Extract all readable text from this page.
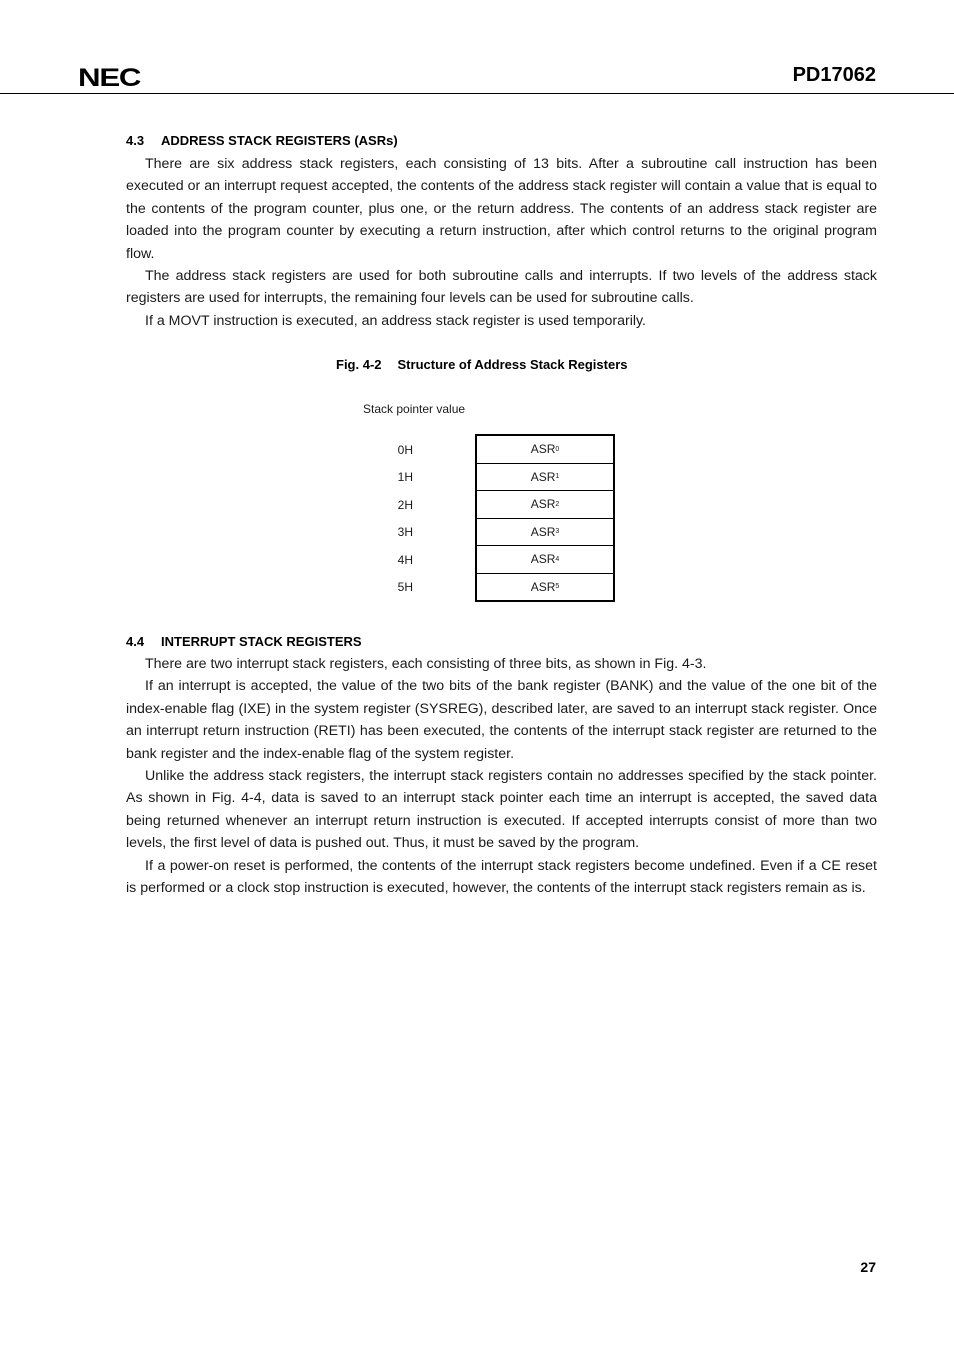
NEC	PD17062
4.3 ADDRESS STACK REGISTERS (ASRs)

There are six address stack registers, each consisting of 13 bits. After a subroutine call instruction has been executed or an interrupt request accepted, the contents of the address stack register will contain a value that is equal to the contents of the program counter, plus one, or the return address. The contents of an address stack register are loaded into the program counter by executing a return instruction, after which control returns to the original program flow.

The address stack registers are used for both subroutine calls and interrupts. If two levels of the address stack registers are used for interrupts, the remaining four levels can be used for subroutine calls.

If a MOVT instruction is executed, an address stack register is used temporarily.

Fig. 4-2 Structure of Address Stack Registers
Stack pointer value
0H
1H
2H
3H
4H
5H
ASR 0
ASR 1
ASR 2
ASR 3
ASR 4
ASR 5
4.4 INTERRUPT STACK REGISTERS

There are two interrupt stack registers, each consisting of three bits, as shown in Fig. 4-3.

If an interrupt is accepted, the value of the two bits of the bank register (BANK) and the value of the one bit of the index-enable flag (IXE) in the system register (SYSREG), described later, are saved to an interrupt stack register. Once an interrupt return instruction (RETI) has been executed, the contents of the interrupt stack register are returned to the bank register and the index-enable flag of the system register.

Unlike the address stack registers, the interrupt stack registers contain no addresses specified by the stack pointer. As shown in Fig. 4-4, data is saved to an interrupt stack pointer each time an interrupt is accepted, the saved data being returned whenever an interrupt return instruction is executed. If accepted interrupts consist of more than two levels, the first level of data is pushed out. Thus, it must be saved by the program.

If a power-on reset is performed, the contents of the interrupt stack registers become undefined. Even if a CE reset is performed or a clock stop instruction is executed, however, the contents of the interrupt stack registers remain as is.

27
